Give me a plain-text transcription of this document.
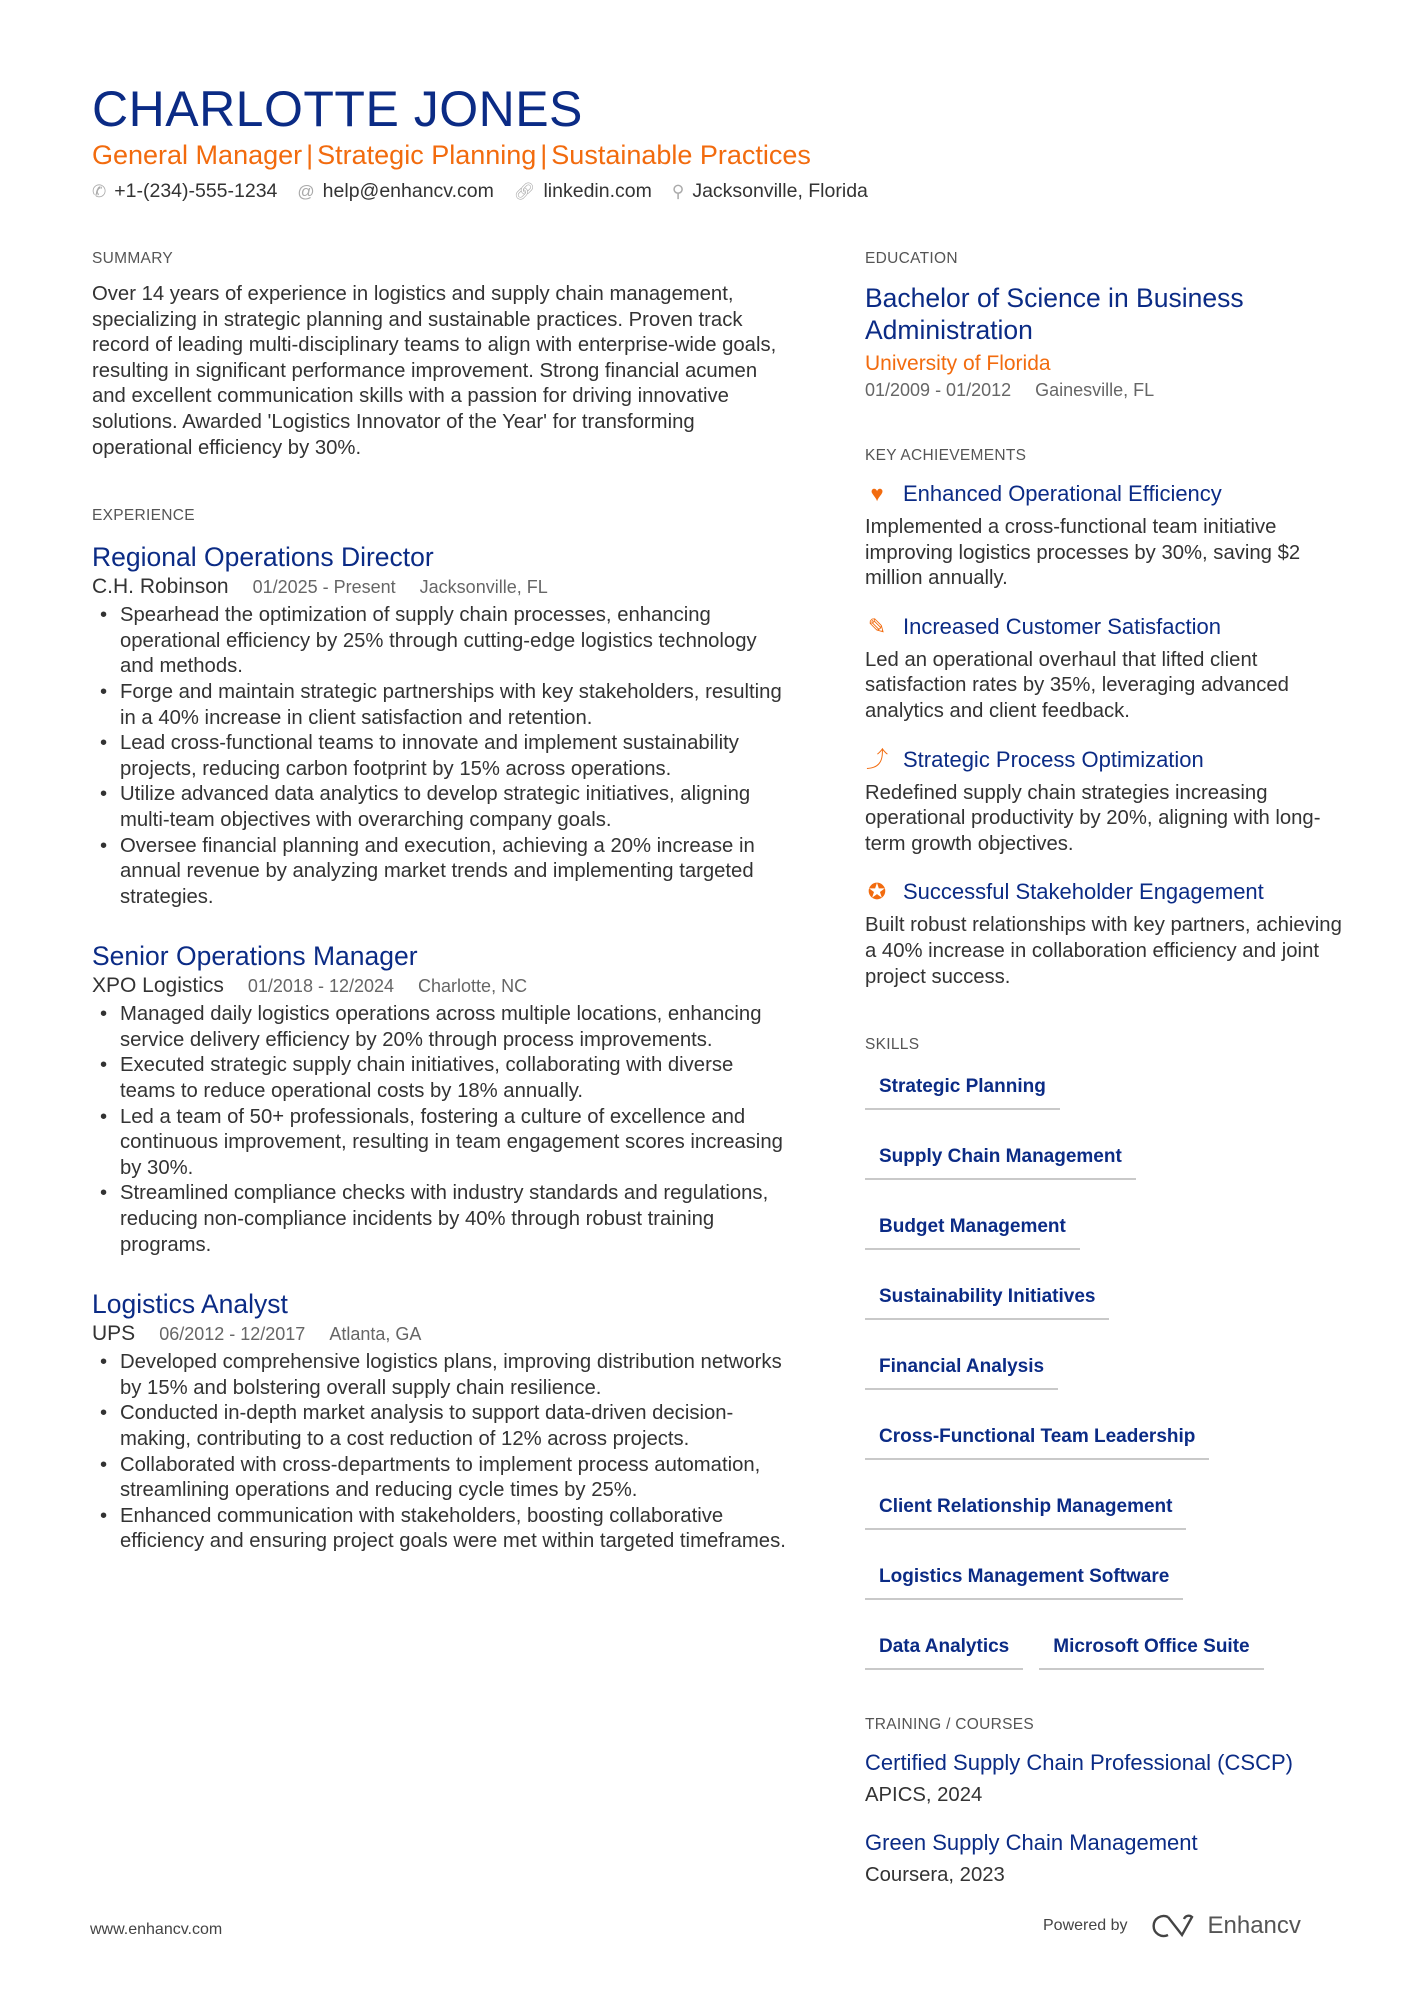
CHARLOTTE JONES
General Manager | Strategic Planning | Sustainable Practices
✆ +1-(234)-555-1234 @ help@enhancv.com 🔗︎ linkedin.com ⚲ Jacksonville, Florida
SUMMARY

Over 14 years of experience in logistics and supply chain management, specializing in strategic planning and sustainable practices. Proven track record of leading multi-disciplinary teams to align with enterprise-wide goals, resulting in significant performance improvement. Strong financial acumen and excellent communication skills with a passion for driving innovative solutions. Awarded 'Logistics Innovator of the Year' for transforming operational efficiency by 30%.

EXPERIENCE
Regional Operations Director
C.H. Robinson 01/2025 - Present Jacksonville, FL
• Spearhead the optimization of supply chain processes, enhancing operational efficiency by 25% through cutting-edge logistics technology and methods.
• Forge and maintain strategic partnerships with key stakeholders, resulting in a 40% increase in client satisfaction and retention.
• Lead cross-functional teams to innovate and implement sustainability projects, reducing carbon footprint by 15% across operations.
• Utilize advanced data analytics to develop strategic initiatives, aligning multi-team objectives with overarching company goals.
• Oversee financial planning and execution, achieving a 20% increase in annual revenue by analyzing market trends and implementing targeted strategies.
Senior Operations Manager
XPO Logistics 01/2018 - 12/2024 Charlotte, NC
• Managed daily logistics operations across multiple locations, enhancing service delivery efficiency by 20% through process improvements.
• Executed strategic supply chain initiatives, collaborating with diverse teams to reduce operational costs by 18% annually.
• Led a team of 50+ professionals, fostering a culture of excellence and continuous improvement, resulting in team engagement scores increasing by 30%.
• Streamlined compliance checks with industry standards and regulations, reducing non-compliance incidents by 40% through robust training programs.
Logistics Analyst
UPS 06/2012 - 12/2017 Atlanta, GA
• Developed comprehensive logistics plans, improving distribution networks by 15% and bolstering overall supply chain resilience.
• Conducted in-depth market analysis to support data-driven decision-making, contributing to a cost reduction of 12% across projects.
• Collaborated with cross-departments to implement process automation, streamlining operations and reducing cycle times by 25%.
• Enhanced communication with stakeholders, boosting collaborative efficiency and ensuring project goals were met within targeted timeframes.
EDUCATION
Bachelor of Science in Business Administration
University of Florida
01/2009 - 01/2012 Gainesville, FL
KEY ACHIEVEMENTS
♥ Enhanced Operational Efficiency

Implemented a cross-functional team initiative improving logistics processes by 30%, saving $2 million annually.

✎ Increased Customer Satisfaction

Led an operational overhaul that lifted client satisfaction rates by 35%, leveraging advanced analytics and client feedback.

⤴ Strategic Process Optimization

Redefined supply chain strategies increasing operational productivity by 20%, aligning with long-term growth objectives.

✪ Successful Stakeholder Engagement

Built robust relationships with key partners, achieving a 40% increase in collaboration efficiency and joint project success.

SKILLS
Strategic Planning
Supply Chain Management
Budget Management
Sustainability Initiatives
Financial Analysis
Cross-Functional Team Leadership
Client Relationship Management
Logistics Management Software
Data Analytics	Microsoft Office Suite
TRAINING / COURSES
Certified Supply Chain Professional (CSCP)
APICS, 2024
Green Supply Chain Management
Coursera, 2023
www.enhancv.com	Powered by	Enhancv
